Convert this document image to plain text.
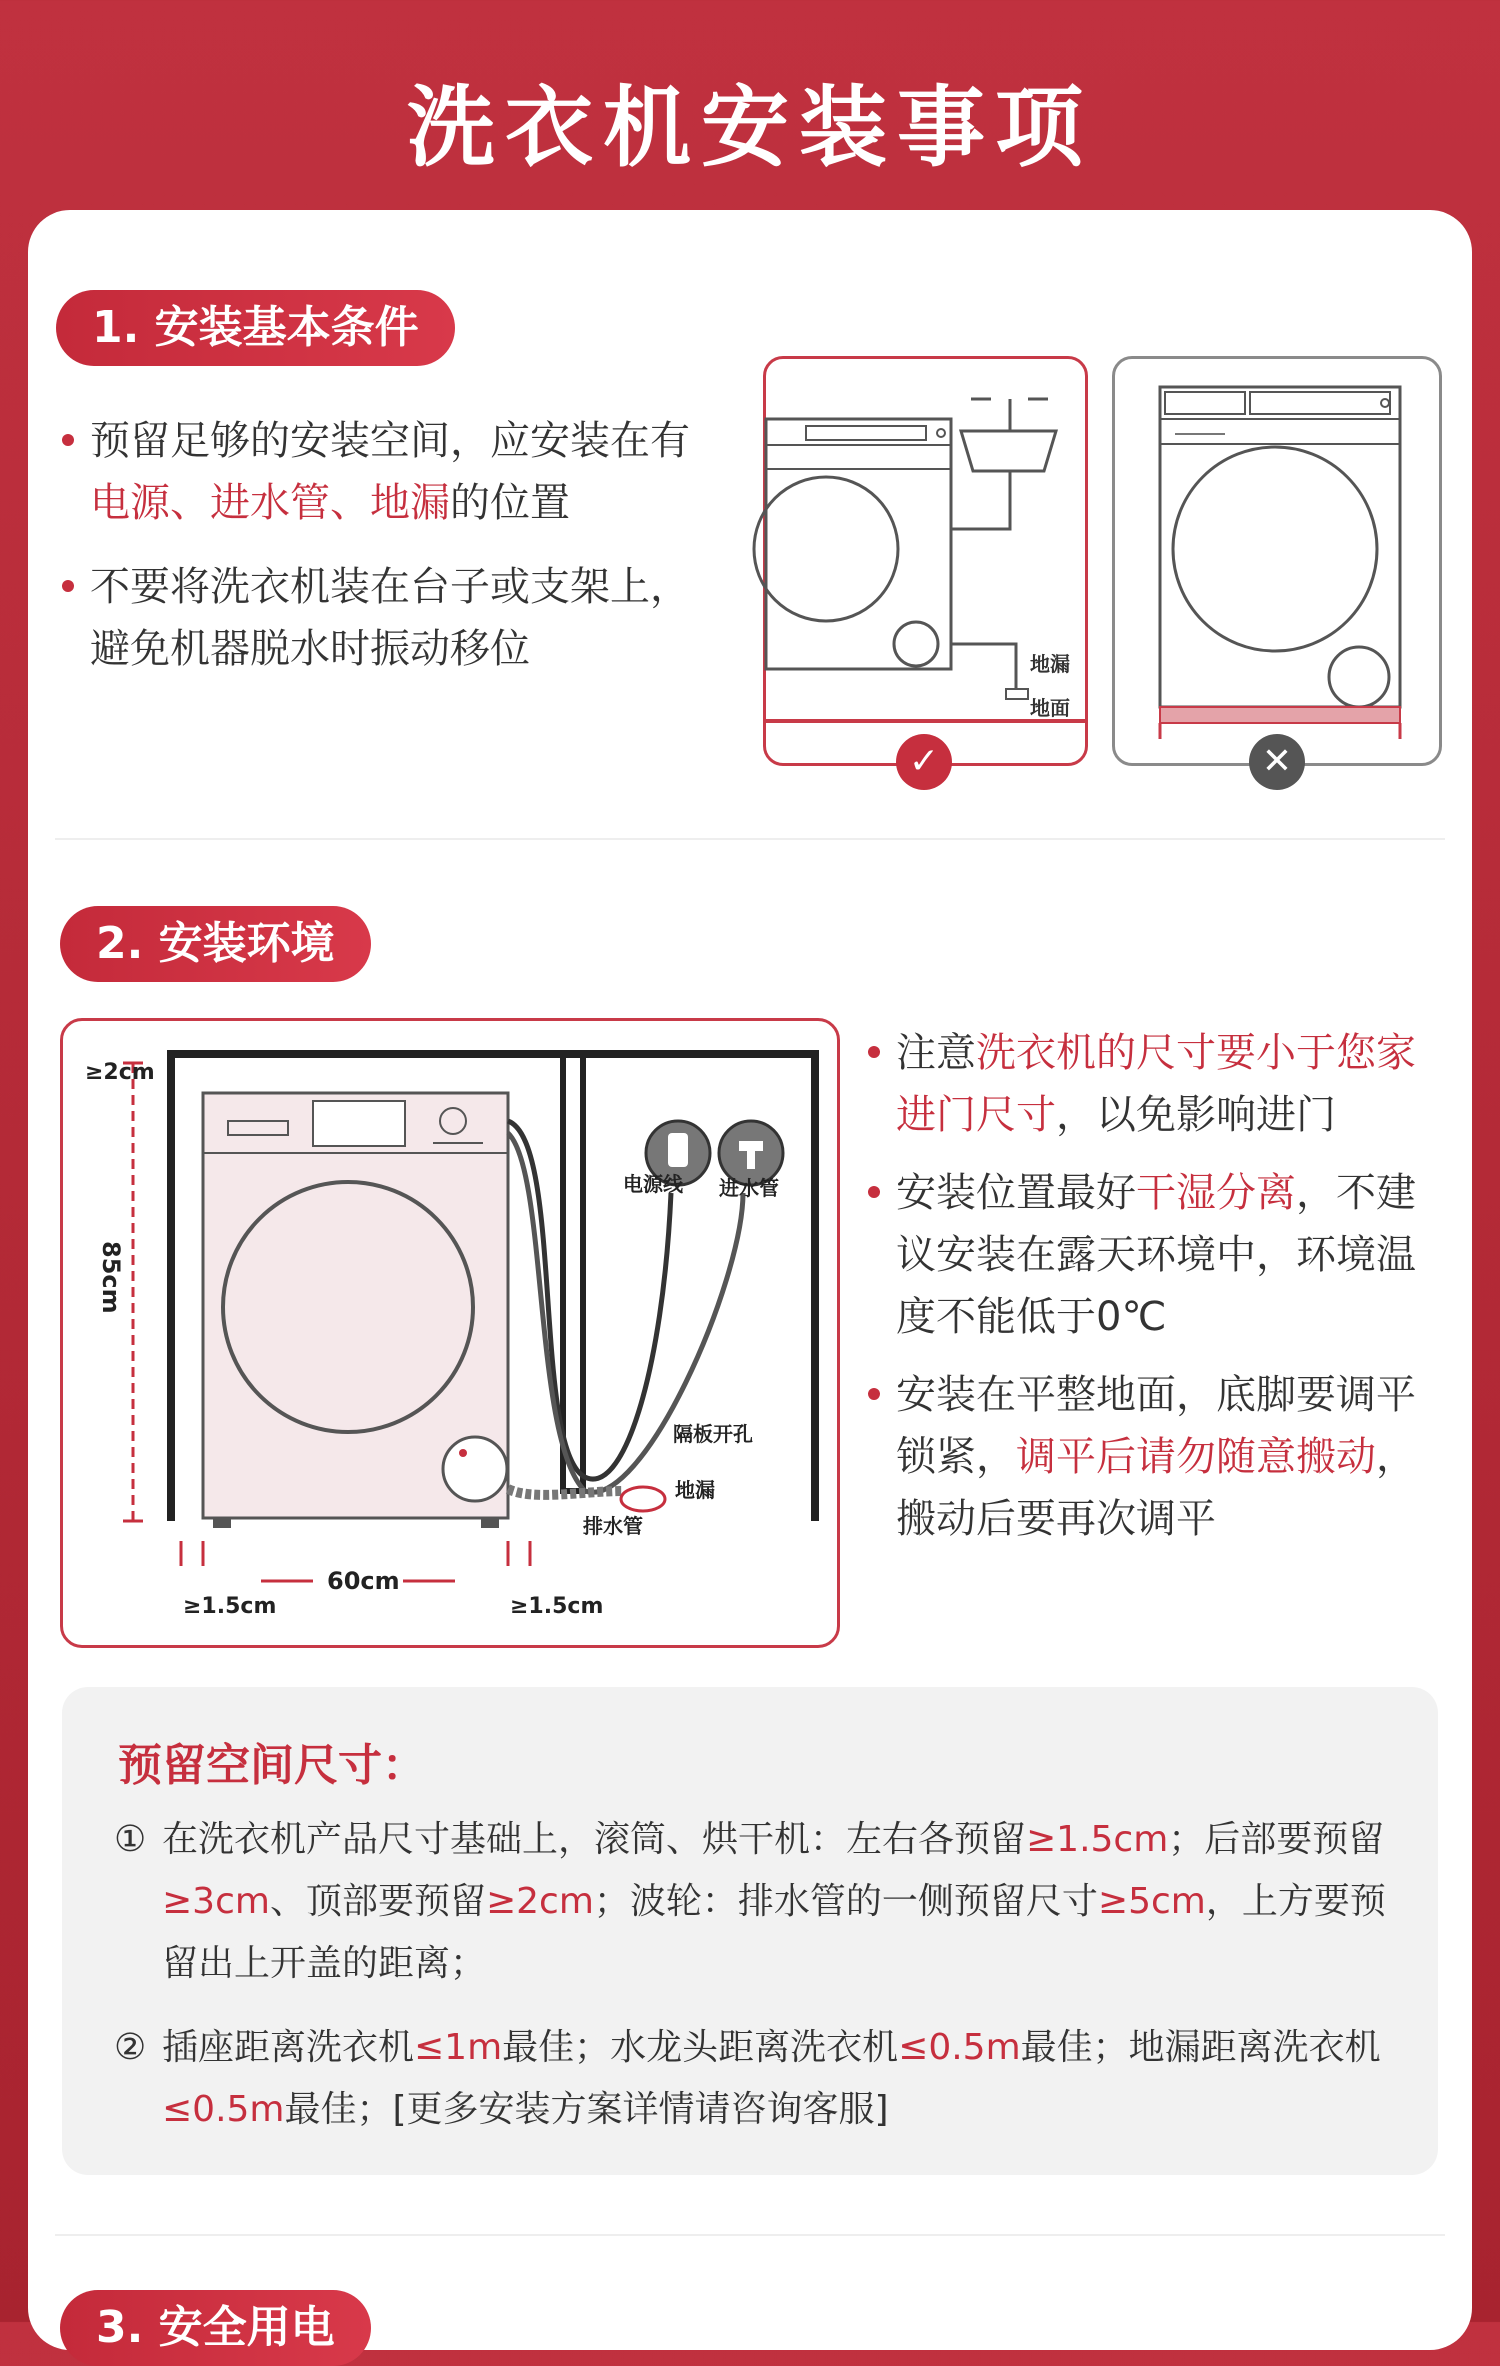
洗衣机安装事项
1. 安装基本条件
预留足够的安装空间，应安装在有
电源、进水管、地漏的位置
不要将洗衣机装在台子或支架上，
避免机器脱水时振动移位	地漏
地面
✓	✕
2. 安装环境
≥2cm
85cm
电源线 进水管
隔板开孔
地漏
排水管
60cm
≥1.5cm	≥1.5cm
注意洗衣机的尺寸要小于您家进门尺寸，以免影响进门
安装位置最好干湿分离，不建议安装在露天环境中，环境温度不能低于0℃
安装在平整地面，底脚要调平锁紧，调平后请勿随意搬动，搬动后要再次调平
预留空间尺寸：
① 在洗衣机产品尺寸基础上，滚筒、烘干机：左右各预留≥1.5cm；后部要预留≥3cm、顶部要预留≥2cm；波轮：排水管的一侧预留尺寸≥5cm，上方要预留出上开盖的距离；
② 插座距离洗衣机≤1m最佳；水龙头距离洗衣机≤0.5m最佳；地漏距离洗衣机≤0.5m最佳；[更多安装方案详情请咨询客服]
3. 安全用电
